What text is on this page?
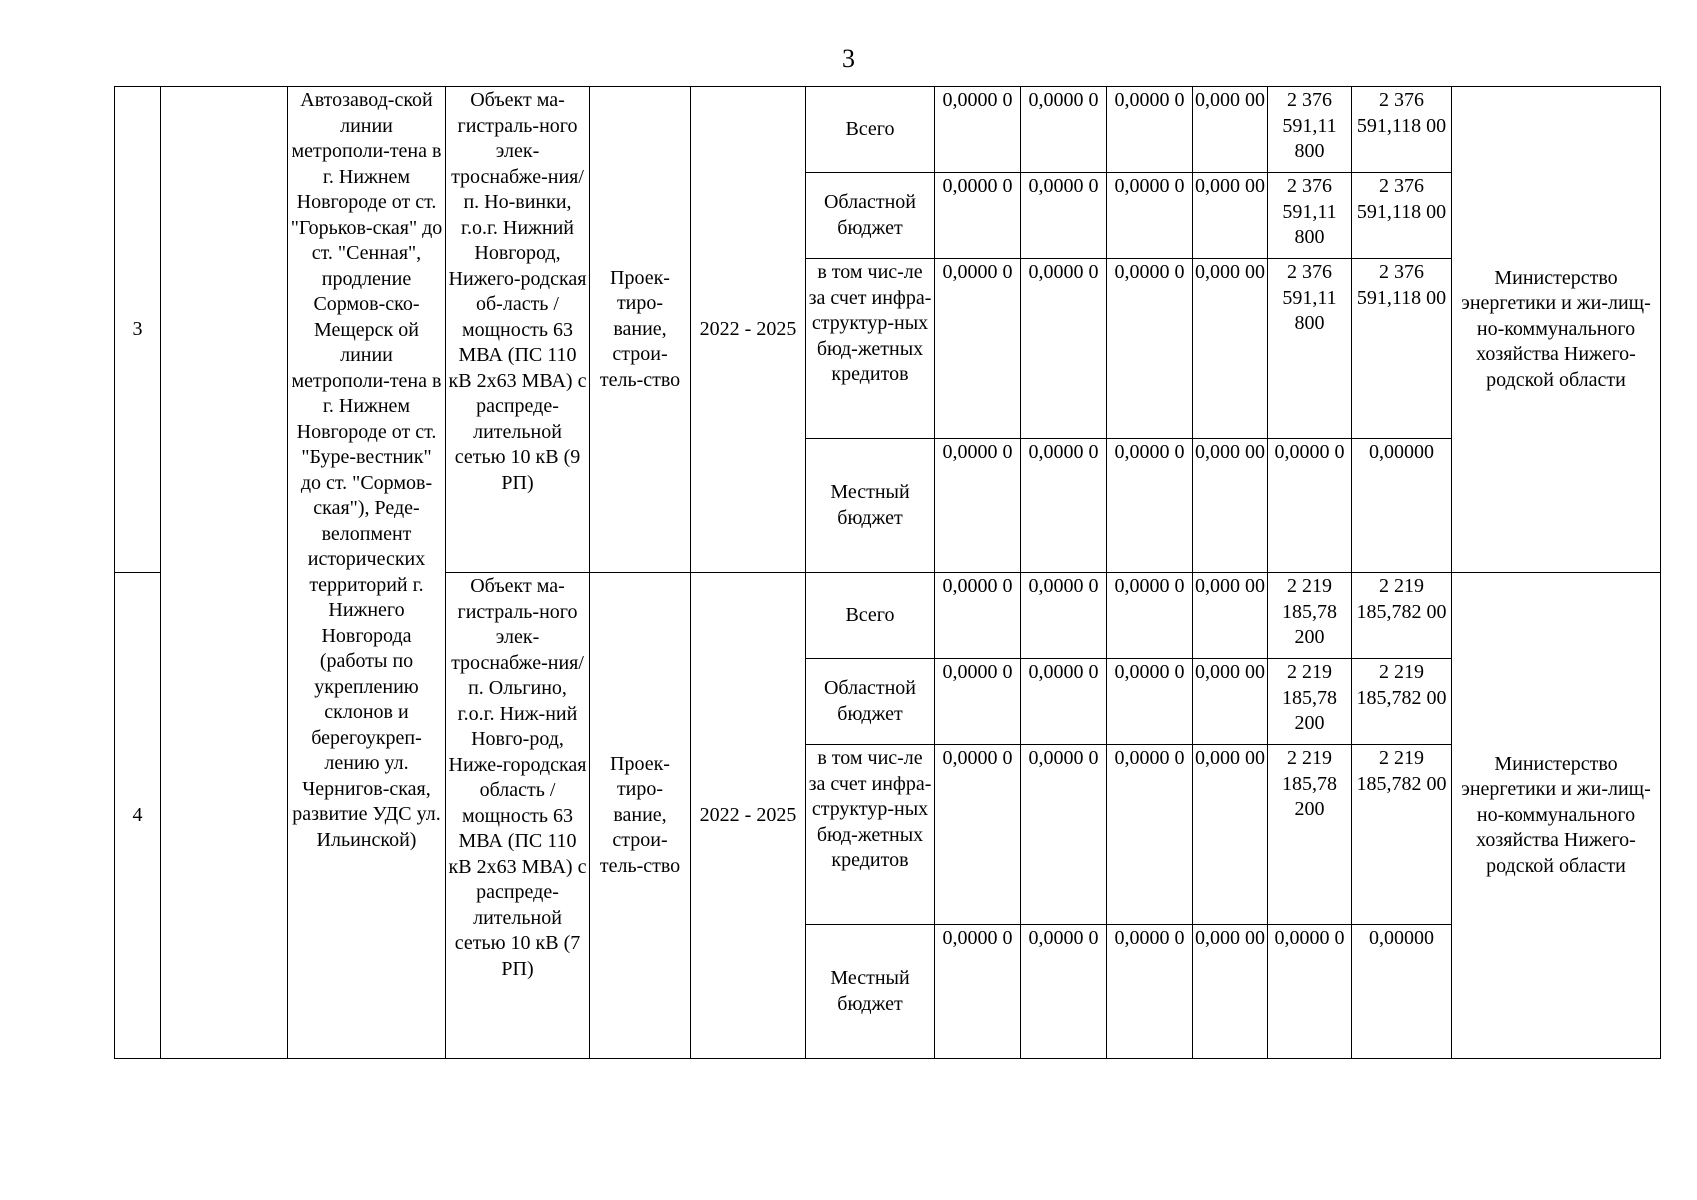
3
3		Автозавод-ской линии метрополи-тена в г. Нижнем Новгороде от ст. "Горьков-ская" до ст. "Сенная", продление Сормов-ско-Мещерск ой линии метрополи-тена в г. Нижнем Новгороде от ст. "Буре-вестник" до ст. "Сормов-ская"), Реде-велопмент исторических территорий г. Нижнего Новгорода (работы по укреплению склонов и берегоукреп-лению ул. Чернигов-ская, развитие УДС ул. Ильинской)	Объект ма-гистраль-ного элек-троснабже-ния/ п. Но-винки, г.о.г. Нижний Новгород, Нижего-родская об-ласть / мощность 63 МВА (ПС 110 кВ 2х63 МВА) с распреде-лительной сетью 10 кВ (9 РП)	Проек-тиро-вание, строи-тель-ство	2022 - 2025	Всего	0,0000 0	0,0000 0	0,0000 0	0,000 00	2 376 591,11 800	2 376 591,118 00	Министерство энергетики и жи-лищ-но-коммунального хозяйства Нижего-родской области
						Областной бюджет	0,0000 0	0,0000 0	0,0000 0	0,000 00	2 376 591,11 800	2 376 591,118 00	
						в том чис-ле за счет инфра-структур-ных бюд-жетных кредитов	0,0000 0	0,0000 0	0,0000 0	0,000 00	2 376 591,11 800	2 376 591,118 00	
						Местный бюджет	0,0000 0	0,0000 0	0,0000 0	0,000 00	0,0000 0	0,00000	
4			Объект ма-гистраль-ного элек-троснабже-ния/ п. Ольгино, г.о.г. Ниж-ний Новго-род, Ниже-городская область / мощность 63 МВА (ПС 110 кВ 2х63 МВА) с распреде-лительной сетью 10 кВ (7 РП)	Проек-тиро-вание, строи-тель-ство	2022 - 2025	Всего	0,0000 0	0,0000 0	0,0000 0	0,000 00	2 219 185,78 200	2 219 185,782 00	Министерство энергетики и жи-лищ-но-коммунального хозяйства Нижего-родской области
						Областной бюджет	0,0000 0	0,0000 0	0,0000 0	0,000 00	2 219 185,78 200	2 219 185,782 00	
						в том чис-ле за счет инфра-структур-ных бюд-жетных кредитов	0,0000 0	0,0000 0	0,0000 0	0,000 00	2 219 185,78 200	2 219 185,782 00	
						Местный бюджет	0,0000 0	0,0000 0	0,0000 0	0,000 00	0,0000 0	0,00000	
